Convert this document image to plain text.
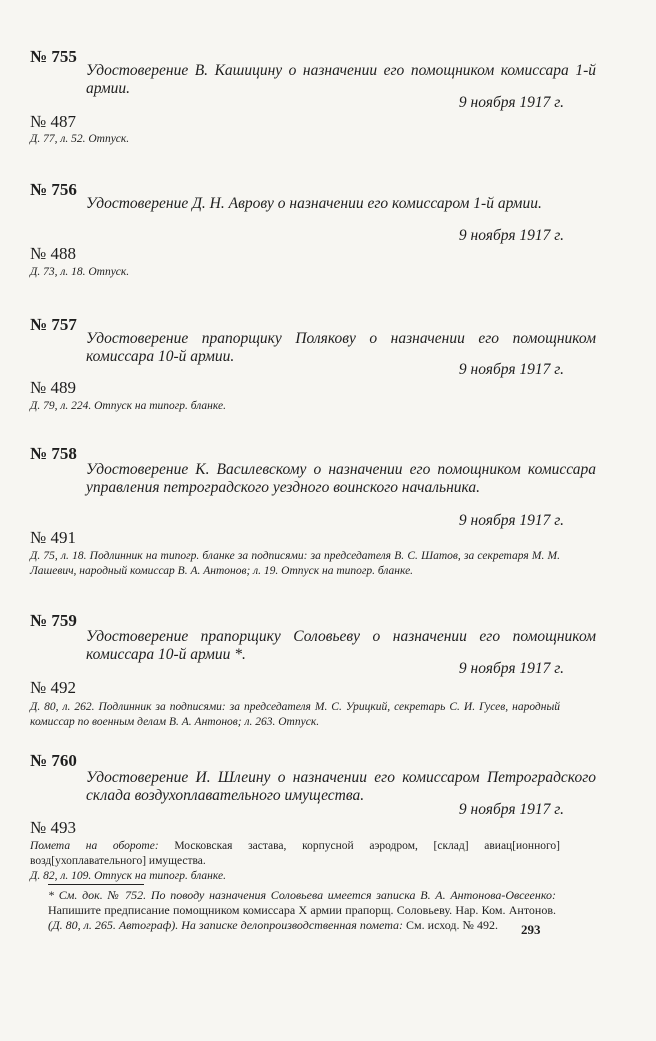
№ 755
Удостоверение В. Кашицину о назначении его помощником комиссара 1-й армии.
9 ноября 1917 г.
№ 487
Д. 77, л. 52. Отпуск.
№ 756
Удостоверение Д. Н. Аврову о назначении его комиссаром 1-й армии.
9 ноября 1917 г.
№ 488
Д. 73, л. 18. Отпуск.
№ 757
Удостоверение прапорщику Полякову о назначении его помощником комиссара 10-й армии.
9 ноября 1917 г.
№ 489
Д. 79, л. 224. Отпуск на типогр. бланке.
№ 758
Удостоверение К. Василевскому о назначении его помощником комиссара управления петроградского уездного воинского начальника.
9 ноября 1917 г.
№ 491
Д. 75, л. 18. Подлинник на типогр. бланке за подписями: за председателя В. С. Шатов, за секретаря М. М. Лашевич, народный комиссар В. А. Антонов; л. 19. Отпуск на типогр. бланке.
№ 759
Удостоверение прапорщику Соловьеву о назначении его помощником комиссара 10-й армии *.
9 ноября 1917 г.
№ 492
Д. 80, л. 262. Подлинник за подписями: за председателя М. С. Урицкий, секретарь С. И. Гусев, народный комиссар по военным делам В. А. Антонов; л. 263. Отпуск.
№ 760
Удостоверение И. Шлеину о назначении его комиссаром Петроградского склада воздухоплавательного имущества.
9 ноября 1917 г.
№ 493
Помета на обороте: Московская застава, корпусной аэродром, [склад] авиац[ионного] возд[ухоплавательного] имущества.
Д. 82, л. 109. Отпуск на типогр. бланке.
* См. док. № 752. По поводу назначения Соловьева имеется записка В. А. Антонова-Овсеенко: Напишите предписание помощником комиссара X армии прапорщ. Соловьеву. Нар. Ком. Антонов. (Д. 80, л. 265. Автограф). На записке делопроизводственная помета: См. исход. № 492.	293
